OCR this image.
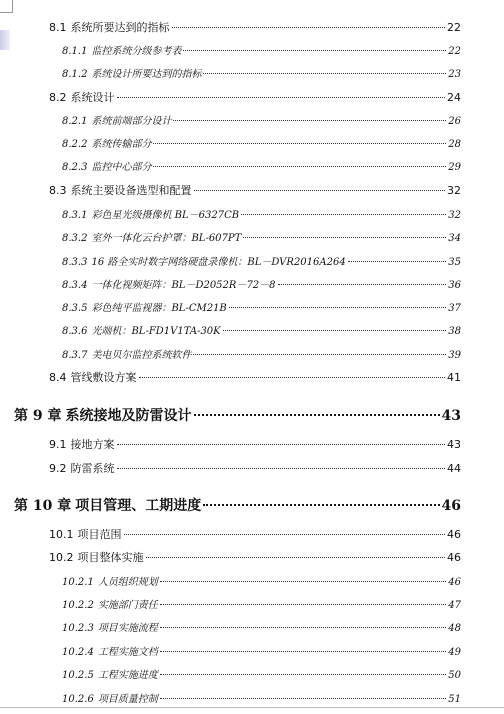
8.1 系统所要达到的指标	22
8.1.1 监控系统分级参考表	22
8.1.2 系统设计所要达到的指标	23
8.2 系统设计	24
8.2.1 系统前端部分设计	26
8.2.2 系统传输部分	28
8.2.3 监控中心部分	29
8.3 系统主要设备选型和配置	32
8.3.1 彩色星光级摄像机 BL－6327CB	32
8.3.2 室外一体化云台护罩：BL-607PT	34
8.3.3 16 路全实时数字网络硬盘录像机：BL－DVR2016A264	35
8.3.4 一体化视频矩阵：BL－D2052R－72－8	36
8.3.5 彩色纯平监视器：BL-CM21B	37
8.3.6 光端机：BL-FD1V1TA-30K	38
8.3.7 美电贝尔监控系统软件	39
8.4 管线敷设方案	41
第 9 章 系统接地及防雷设计	43
9.1 接地方案	43
9.2 防雷系统	44
第 10 章 项目管理、工期进度	46
10.1 项目范围	46
10.2 项目整体实施	46
10.2.1 人员组织规划	46
10.2.2 实施部门责任	47
10.2.3 项目实施流程	48
10.2.4 工程实施文档	49
10.2.5 工程实施进度	50
10.2.6 项目质量控制	51
